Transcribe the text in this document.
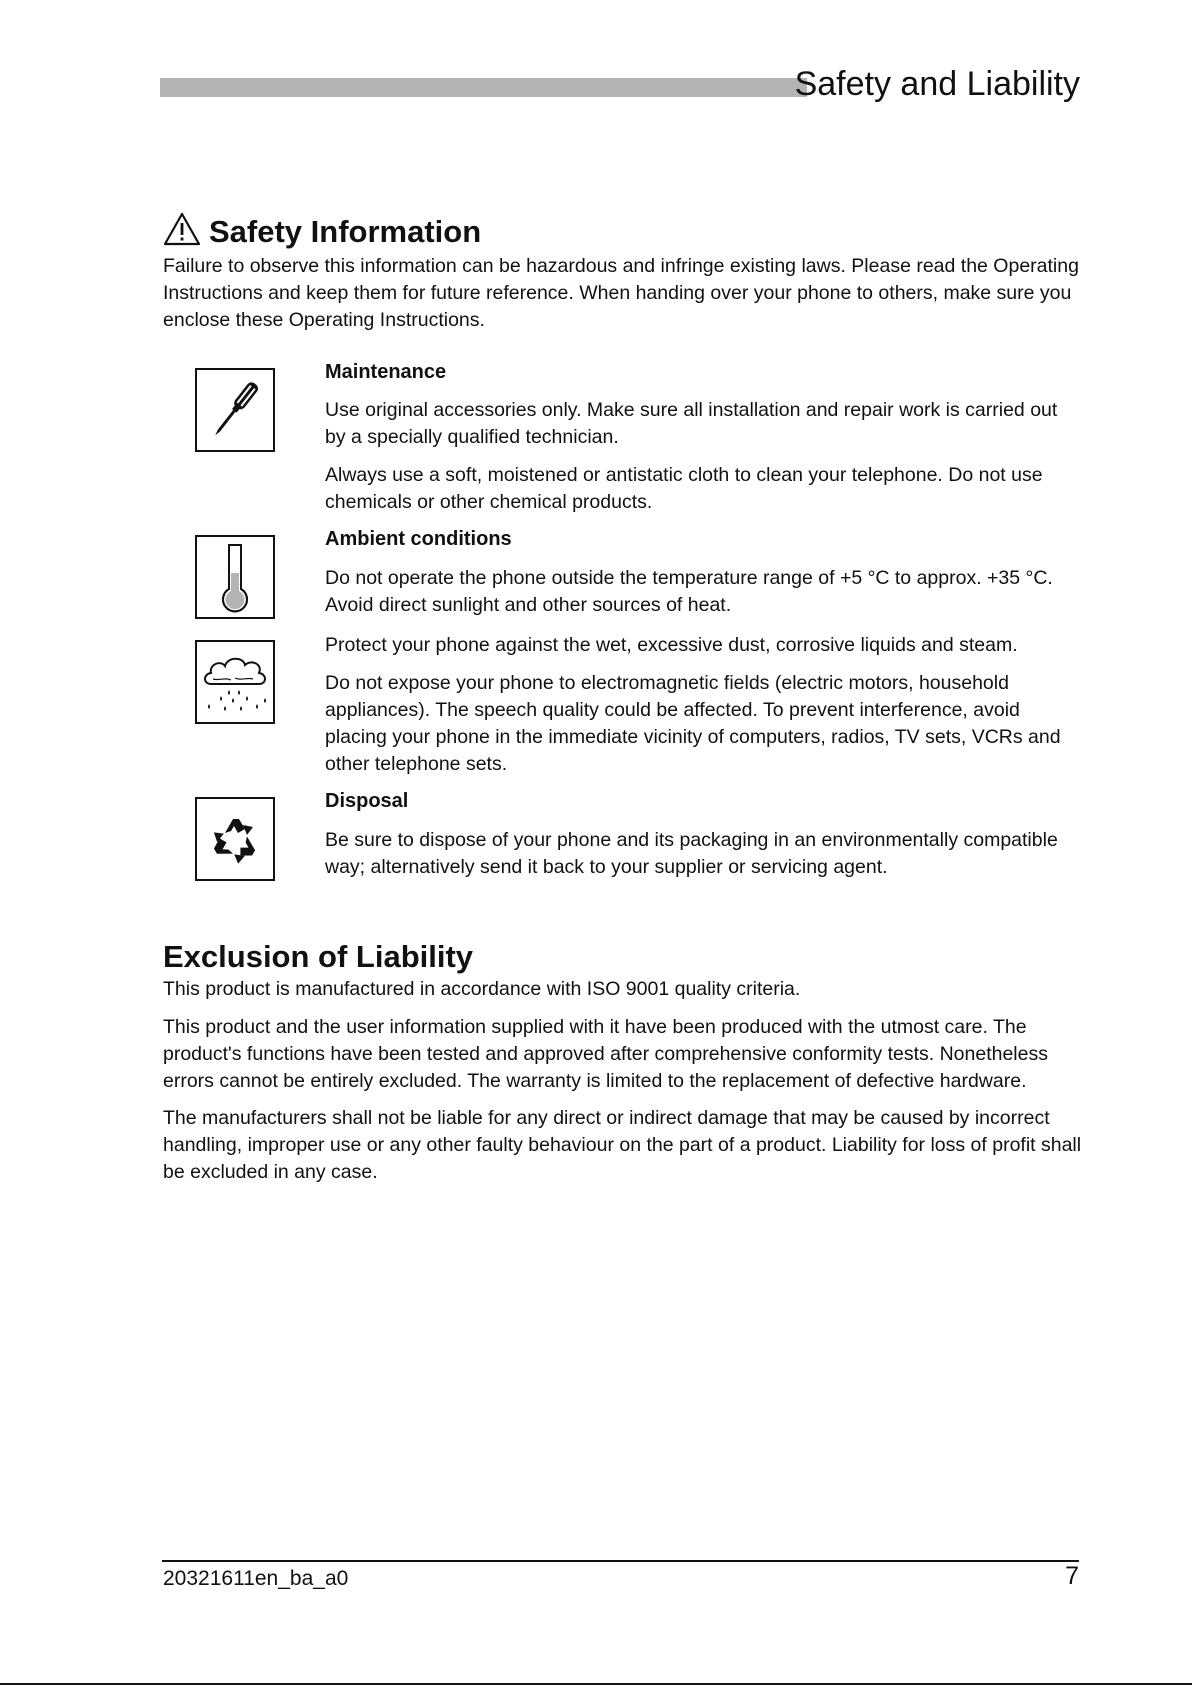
Safety and Liability
Safety Information

Failure to observe this information can be hazardous and infringe existing laws. Please read the Operating Instructions and keep them for future reference. When handing over your phone to others, make sure you enclose these Operating Instructions.

Maintenance

Use original accessories only. Make sure all installation and repair work is carried out by a specially qualified technician.

Always use a soft, moistened or antistatic cloth to clean your telephone. Do not use chemicals or other chemical products.

Ambient conditions

Do not operate the phone outside the temperature range of +5 °C to approx. +35 °C. Avoid direct sunlight and other sources of heat.

Protect your phone against the wet, excessive dust, corrosive liquids and steam.

Do not expose your phone to electromagnetic fields (electric motors, household appliances). The speech quality could be affected. To prevent interference, avoid placing your phone in the immediate vicinity of computers, radios, TV sets, VCRs and other telephone sets.

Disposal

Be sure to dispose of your phone and its packaging in an environmentally compatible way; alternatively send it back to your supplier or servicing agent.

Exclusion of Liability

This product is manufactured in accordance with ISO 9001 quality criteria.

This product and the user information supplied with it have been produced with the utmost care. The product's functions have been tested and approved after comprehensive conformity tests. Nonetheless errors cannot be entirely excluded. The warranty is limited to the replacement of defective hardware.

The manufacturers shall not be liable for any direct or indirect damage that may be caused by incorrect handling, improper use or any other faulty behaviour on the part of a product. Liability for loss of profit shall be excluded in any case.

20321611en_ba_a0	7
